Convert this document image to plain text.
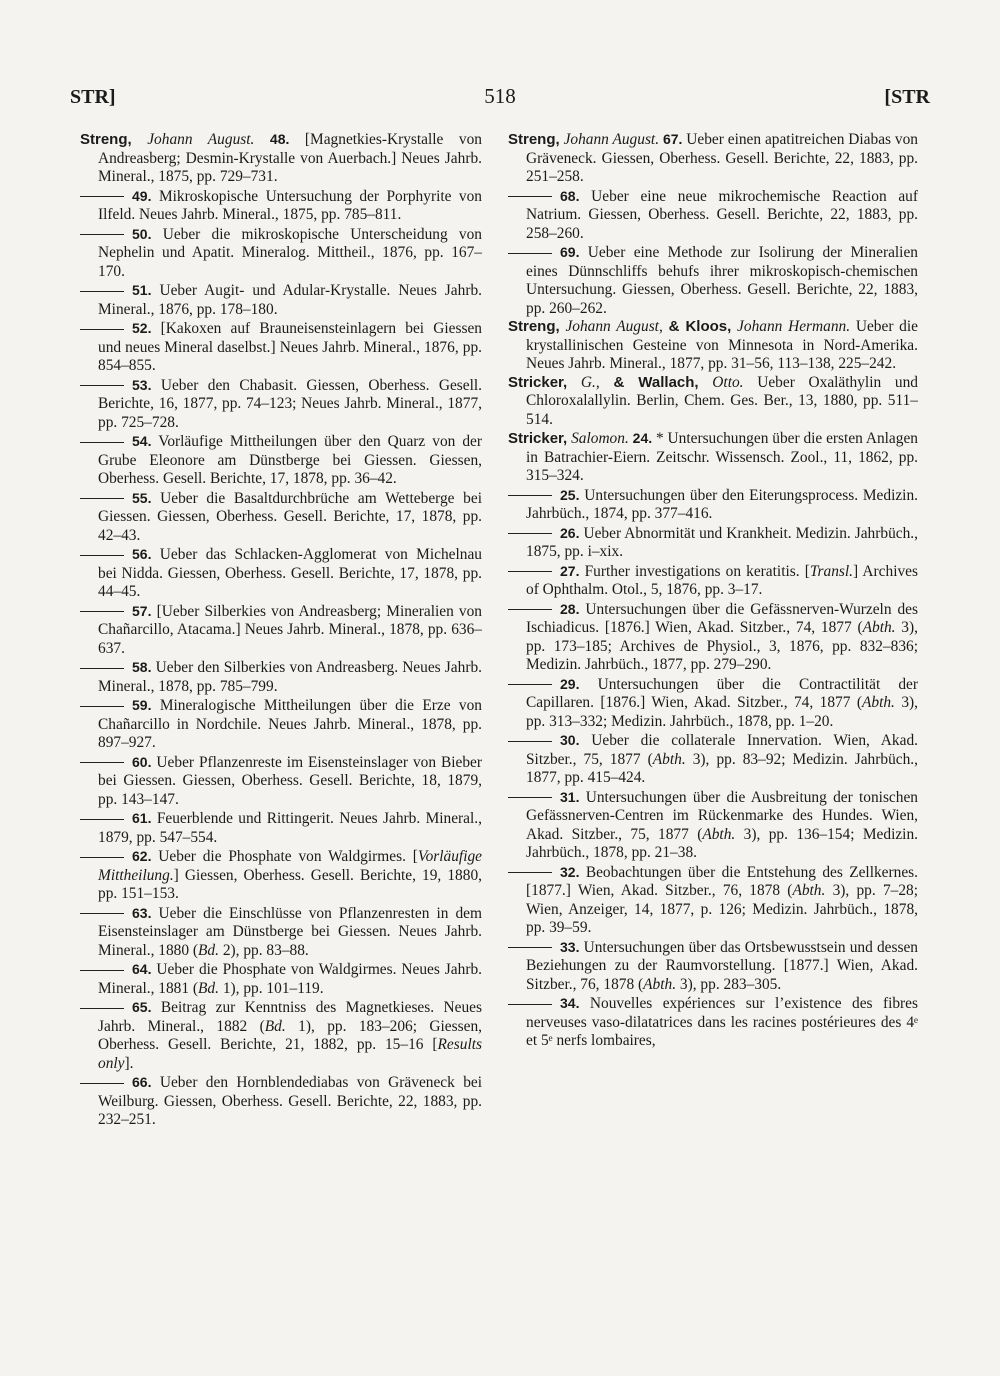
STR]	518	[STR

Streng, Johann August. 48. [Magnetkies-Krystalle von Andreasberg; Desmin-Krystalle von Auerbach.] Neues Jahrb. Mineral., 1875, pp. 729–731.

49. Mikroskopische Untersuchung der Porphyrite von Ilfeld. Neues Jahrb. Mineral., 1875, pp. 785–811.

50. Ueber die mikroskopische Unterscheidung von Nephelin und Apatit. Mineralog. Mittheil., 1876, pp. 167–170.

51. Ueber Augit- und Adular-Krystalle. Neues Jahrb. Mineral., 1876, pp. 178–180.

52. [Kakoxen auf Brauneisensteinlagern bei Giessen und neues Mineral daselbst.] Neues Jahrb. Mineral., 1876, pp. 854–855.

53. Ueber den Chabasit. Giessen, Oberhess. Gesell. Berichte, 16, 1877, pp. 74–123; Neues Jahrb. Mineral., 1877, pp. 725–728.

54. Vorläufige Mittheilungen über den Quarz von der Grube Eleonore am Dünstberge bei Giessen. Giessen, Oberhess. Gesell. Berichte, 17, 1878, pp. 36–42.

55. Ueber die Basaltdurchbrüche am Wetteberge bei Giessen. Giessen, Oberhess. Gesell. Berichte, 17, 1878, pp. 42–43.

56. Ueber das Schlacken-Agglomerat von Michelnau bei Nidda. Giessen, Oberhess. Gesell. Berichte, 17, 1878, pp. 44–45.

57. [Ueber Silberkies von Andreasberg; Mineralien von Chañarcillo, Atacama.] Neues Jahrb. Mineral., 1878, pp. 636–637.

58. Ueber den Silberkies von Andreasberg. Neues Jahrb. Mineral., 1878, pp. 785–799.

59. Mineralogische Mittheilungen über die Erze von Chañarcillo in Nordchile. Neues Jahrb. Mineral., 1878, pp. 897–927.

60. Ueber Pflanzenreste im Eisensteinslager von Bieber bei Giessen. Giessen, Oberhess. Gesell. Berichte, 18, 1879, pp. 143–147.

61. Feuerblende und Rittingerit. Neues Jahrb. Mineral., 1879, pp. 547–554.

62. Ueber die Phosphate von Waldgirmes. [Vorläufige Mittheilung.] Giessen, Oberhess. Gesell. Berichte, 19, 1880, pp. 151–153.

63. Ueber die Einschlüsse von Pflanzenresten in dem Eisensteinslager am Dünstberge bei Giessen. Neues Jahrb. Mineral., 1880 (Bd. 2), pp. 83–88.

64. Ueber die Phosphate von Waldgirmes. Neues Jahrb. Mineral., 1881 (Bd. 1), pp. 101–119.

65. Beitrag zur Kenntniss des Magnetkieses. Neues Jahrb. Mineral., 1882 (Bd. 1), pp. 183–206; Giessen, Oberhess. Gesell. Berichte, 21, 1882, pp. 15–16 [Results only].

66. Ueber den Hornblendediabas von Gräveneck bei Weilburg. Giessen, Oberhess. Gesell. Berichte, 22, 1883, pp. 232–251.

Streng, Johann August. 67. Ueber einen apatitreichen Diabas von Gräveneck. Giessen, Oberhess. Gesell. Berichte, 22, 1883, pp. 251–258.

68. Ueber eine neue mikrochemische Reaction auf Natrium. Giessen, Oberhess. Gesell. Berichte, 22, 1883, pp. 258–260.

69. Ueber eine Methode zur Isolirung der Mineralien eines Dünnschliffs behufs ihrer mikroskopisch-chemischen Untersuchung. Giessen, Oberhess. Gesell. Berichte, 22, 1883, pp. 260–262.

Streng, Johann August, & Kloos, Johann Hermann. Ueber die krystallinischen Gesteine von Minnesota in Nord-Amerika. Neues Jahrb. Mineral., 1877, pp. 31–56, 113–138, 225–242.

Stricker, G., & Wallach, Otto. Ueber Oxaläthylin und Chloroxalallylin. Berlin, Chem. Ges. Ber., 13, 1880, pp. 511–514.

Stricker, Salomon. 24. * Untersuchungen über die ersten Anlagen in Batrachier-Eiern. Zeitschr. Wissensch. Zool., 11, 1862, pp. 315–324.

25. Untersuchungen über den Eiterungsprocess. Medizin. Jahrbüch., 1874, pp. 377–416.

26. Ueber Abnormität und Krankheit. Medizin. Jahrbüch., 1875, pp. i–xix.

27. Further investigations on keratitis. [Transl.] Archives of Ophthalm. Otol., 5, 1876, pp. 3–17.

28. Untersuchungen über die Gefässnerven-Wurzeln des Ischiadicus. [1876.] Wien, Akad. Sitzber., 74, 1877 (Abth. 3), pp. 173–185; Archives de Physiol., 3, 1876, pp. 832–836; Medizin. Jahrbüch., 1877, pp. 279–290.

29. Untersuchungen über die Contractilität der Capillaren. [1876.] Wien, Akad. Sitzber., 74, 1877 (Abth. 3), pp. 313–332; Medizin. Jahrbüch., 1878, pp. 1–20.

30. Ueber die collaterale Innervation. Wien, Akad. Sitzber., 75, 1877 (Abth. 3), pp. 83–92; Medizin. Jahrbüch., 1877, pp. 415–424.

31. Untersuchungen über die Ausbreitung der tonischen Gefässnerven-Centren im Rückenmarke des Hundes. Wien, Akad. Sitzber., 75, 1877 (Abth. 3), pp. 136–154; Medizin. Jahrbüch., 1878, pp. 21–38.

32. Beobachtungen über die Entstehung des Zellkernes. [1877.] Wien, Akad. Sitzber., 76, 1878 (Abth. 3), pp. 7–28; Wien, Anzeiger, 14, 1877, p. 126; Medizin. Jahrbüch., 1878, pp. 39–59.

33. Untersuchungen über das Ortsbewusstsein und dessen Beziehungen zu der Raumvorstellung. [1877.] Wien, Akad. Sitzber., 76, 1878 (Abth. 3), pp. 283–305.

34. Nouvelles expériences sur l’existence des fibres nerveuses vaso-dilatatrices dans les racines postérieures des 4ᵉ et 5ᵉ nerfs lombaires,
